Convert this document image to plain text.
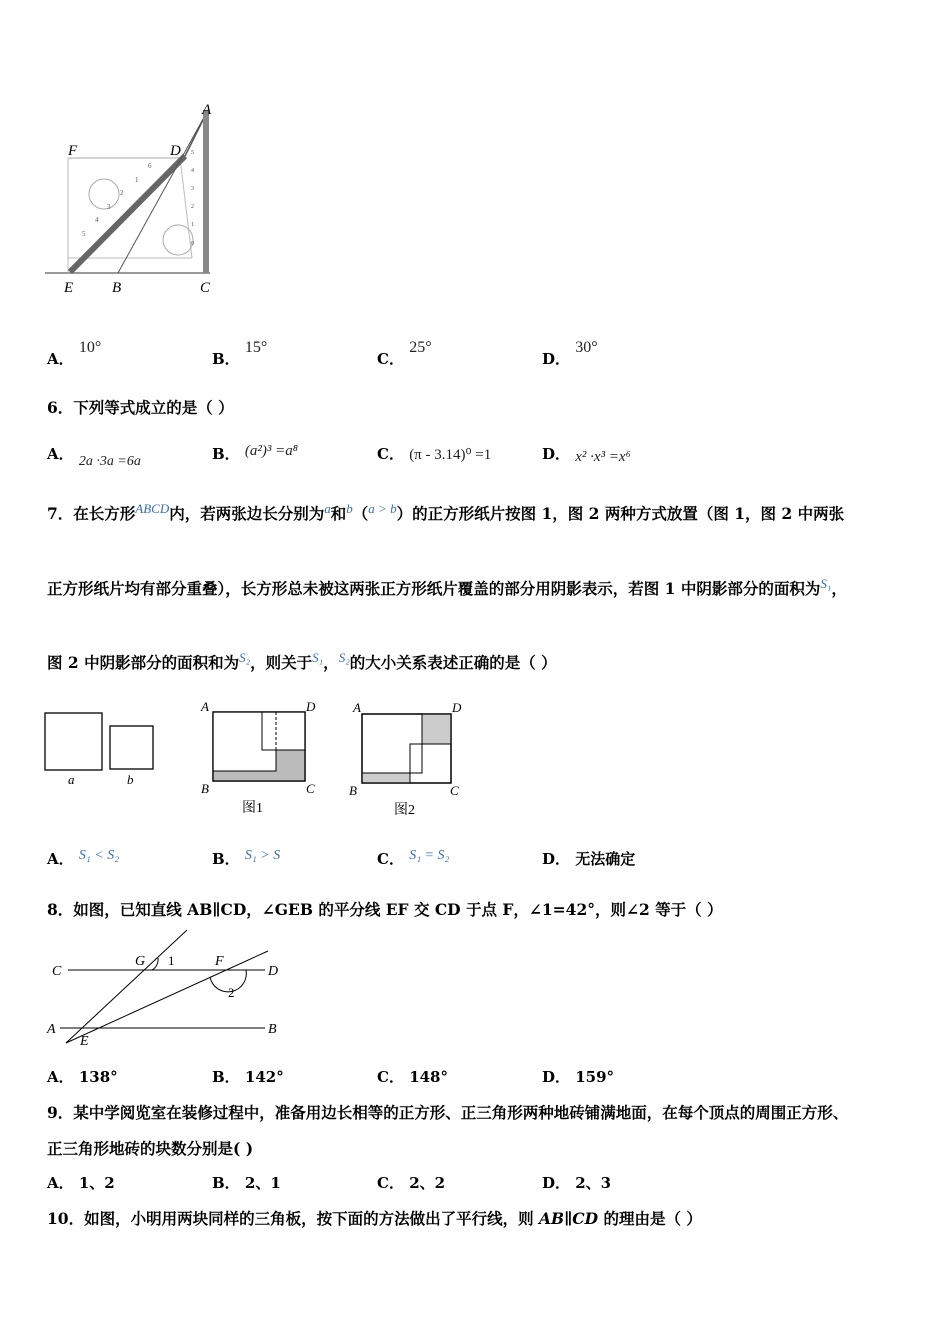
6
1
2
3
4
5
5
4
3
2
1
0
A
D
F
E	B	C
A． 10°
B． 15°
C． 25°
D． 30°
6．下列等式成立的是（ ）
A． 2a ·3a =6a	B． (a²)³ =a⁸	C． (π - 3.14)⁰ =1	D． x² ·x³ =x⁶
7．在长方形$^{ABCD}$内，若两张边长分别为$^a$和$^b$（$^{a > b}$）的正方形纸片按图 1，图 2 两种方式放置（图 1，图 2 中两张
正方形纸片均有部分重叠），长方形总未被这两张正方形纸片覆盖的部分用阴影表示，若图 1 中阴影部分的面积为$^{S_1}$，
图 2 中阴影部分的面积和为$^{S_2}$，则关于$^{S_1}$，$^{S_2}$的大小关系表述正确的是（ ）
a	b
A	D
B	C
图1
A	D
B	C
图2
A． S₁ < S₂	B． S₁ > S	C． S₁ = S₂	D． 无法确定
8．如图，已知直线 AB∥CD，∠GEB 的平分线 EF 交 CD 于点 F，∠1=42°，则∠2 等于（ ）
C
G 1	F
D
2
A
E
B
A． 138°	B． 142°	C． 148°	D． 159°
9．某中学阅览室在装修过程中，准备用边长相等的正方形、正三角形两种地砖铺满地面，在每个顶点的周围正方形、
正三角形地砖的块数分别是( )
A． 1、2	B． 2、1	C． 2、2	D． 2、3
10．如图，小明用两块同样的三角板，按下面的方法做出了平行线，则 AB∥CD 的理由是（ ）
